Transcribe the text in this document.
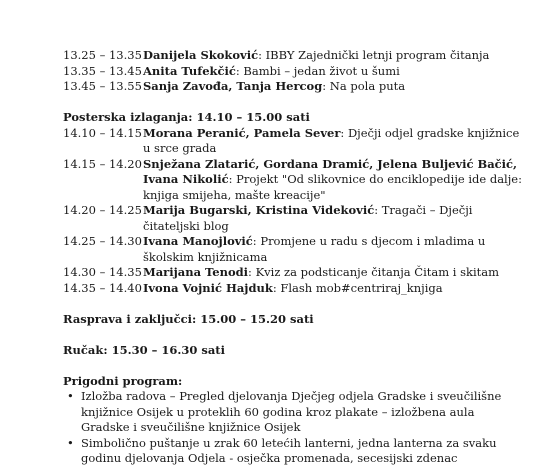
13.25 – 13.35 Danijela Skoković: IBBY Zajednički letnji program čitanja
13.35 – 13.45 Anita Tufekčić: Bambi – jedan život u šumi
13.45 – 13.55 Sanja Zavođa, Tanja Hercog: Na pola puta
Posterska izlaganja: 14.10 – 15.00 sati
14.10 – 14.15 Morana Peranić, Pamela Sever: Dječji odjel gradske knjižnice u srce grada
14.15 – 14.20 Snježana Zlatarić, Gordana Dramić, Jelena Buljević Bačić, Ivana Nikolić: Projekt "Od slikovnice do enciklopedije ide dalje: knjiga smijeha, mašte kreacije"
14.20 – 14.25 Marija Bugarski, Kristina Videković: Tragači – Dječji čitateljski blog
14.25 – 14.30 Ivana Manojlović: Promjene u radu s djecom i mladima u školskim knjižnicama
14.30 – 14.35 Marijana Tenodi: Kviz za podsticanje čitanja Čitam i skitam
14.35 – 14.40 Ivona Vojnić Hajduk: Flash mob#centriraj_knjiga
Rasprava i zaključci: 15.00 – 15.20 sati
Ručak: 15.30 – 16.30 sati
Prigodni program:
• Izložba radova – Pregled djelovanja Dječjeg odjela Gradske i sveučilišne knjižnice Osijek u proteklih 60 godina kroz plakate – izložbena aula Gradske i sveučilišne knjižnice Osijek
• Simbolično puštanje u zrak 60 letećih lanterni, jedna lanterna za svaku godinu djelovanja Odjela - osječka promenada, secesijski zdenac
